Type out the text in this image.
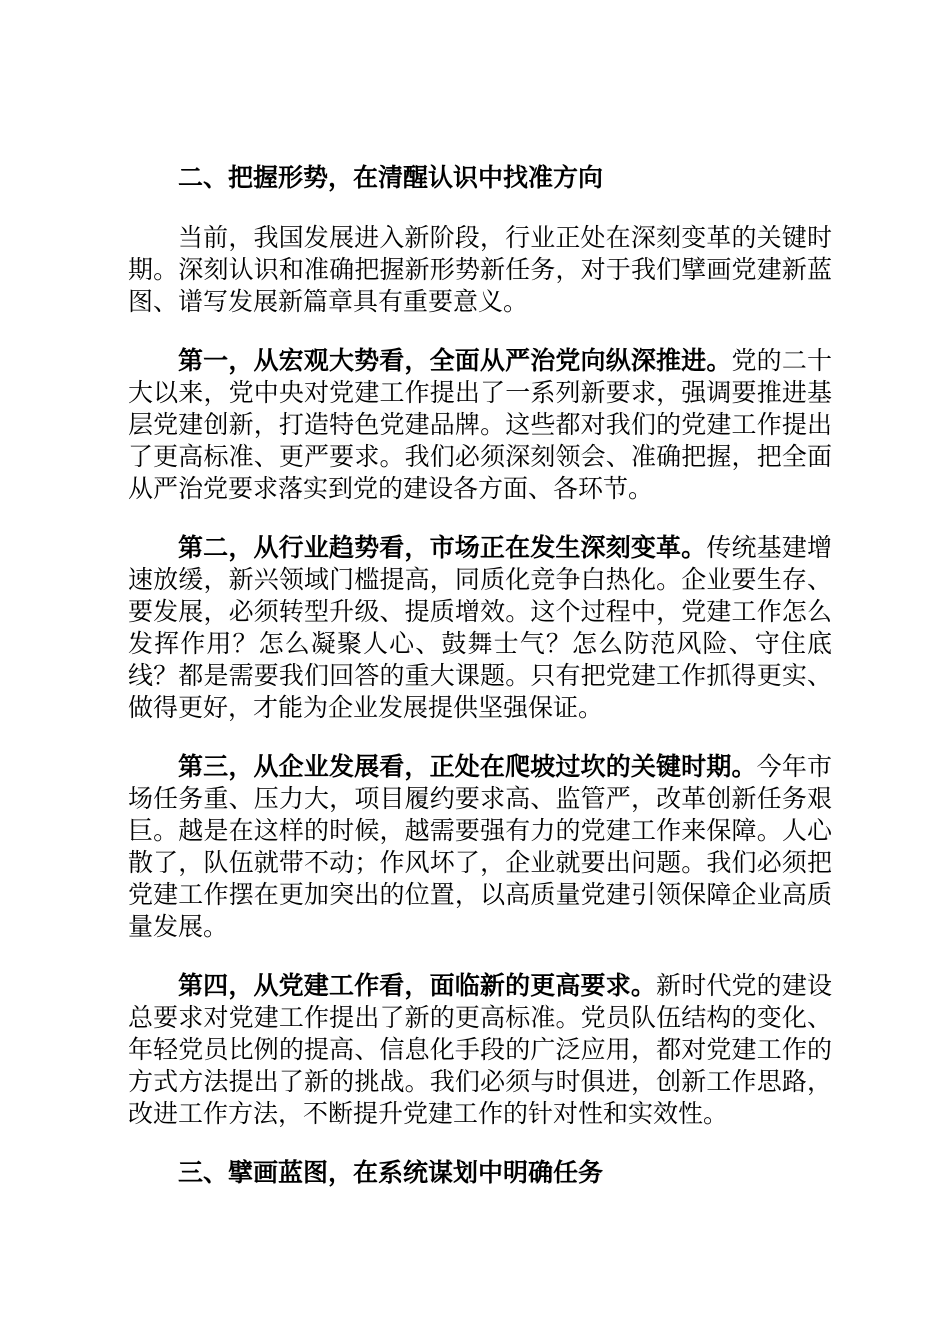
二、把握形势，在清醒认识中找准方向

当前，我国发展进入新阶段，行业正处在深刻变革的关键时期。深刻认识和准确把握新形势新任务，对于我们擘画党建新蓝图、谱写发展新篇章具有重要意义。

第一，从宏观大势看，全面从严治党向纵深推进。党的二十大以来，党中央对党建工作提出了一系列新要求，强调要推进基层党建创新，打造特色党建品牌。这些都对我们的党建工作提出了更高标准、更严要求。我们必须深刻领会、准确把握，把全面从严治党要求落实到党的建设各方面、各环节。

第二，从行业趋势看，市场正在发生深刻变革。传统基建增速放缓，新兴领域门槛提高，同质化竞争白热化。企业要生存、要发展，必须转型升级、提质增效。这个过程中，党建工作怎么发挥作用？怎么凝聚人心、鼓舞士气？怎么防范风险、守住底线？都是需要我们回答的重大课题。只有把党建工作抓得更实、做得更好，才能为企业发展提供坚强保证。

第三，从企业发展看，正处在爬坡过坎的关键时期。今年市场任务重、压力大，项目履约要求高、监管严，改革创新任务艰巨。越是在这样的时候，越需要强有力的党建工作来保障。人心散了，队伍就带不动；作风坏了，企业就要出问题。我们必须把党建工作摆在更加突出的位置，以高质量党建引领保障企业高质量发展。

第四，从党建工作看，面临新的更高要求。新时代党的建设总要求对党建工作提出了新的更高标准。党员队伍结构的变化、年轻党员比例的提高、信息化手段的广泛应用，都对党建工作的方式方法提出了新的挑战。我们必须与时俱进，创新工作思路，改进工作方法，不断提升党建工作的针对性和实效性。

三、擘画蓝图，在系统谋划中明确任务
